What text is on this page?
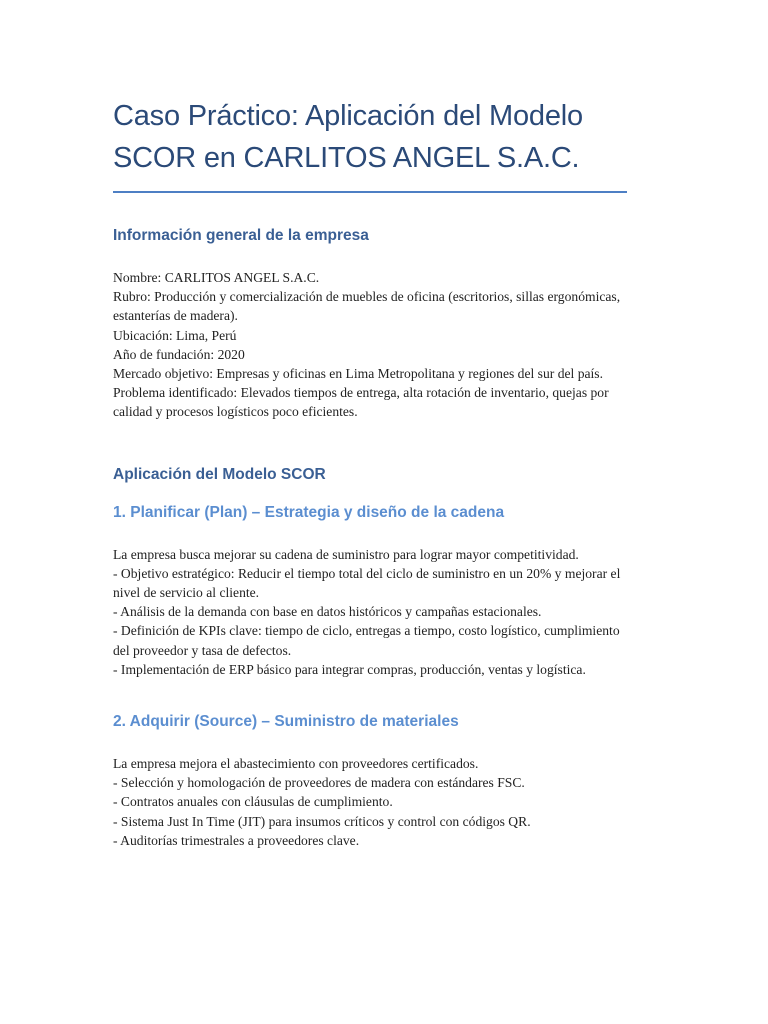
Caso Práctico: Aplicación del Modelo SCOR en CARLITOS ANGEL S.A.C.
Información general de la empresa

Nombre: CARLITOS ANGEL S.A.C.
Rubro: Producción y comercialización de muebles de oficina (escritorios, sillas ergonómicas, estanterías de madera).
Ubicación: Lima, Perú
Año de fundación: 2020
Mercado objetivo: Empresas y oficinas en Lima Metropolitana y regiones del sur del país.
Problema identificado: Elevados tiempos de entrega, alta rotación de inventario, quejas por calidad y procesos logísticos poco eficientes.

Aplicación del Modelo SCOR
1. Planificar (Plan) – Estrategia y diseño de la cadena

La empresa busca mejorar su cadena de suministro para lograr mayor competitividad.
- Objetivo estratégico: Reducir el tiempo total del ciclo de suministro en un 20% y mejorar el nivel de servicio al cliente.
- Análisis de la demanda con base en datos históricos y campañas estacionales.
- Definición de KPIs clave: tiempo de ciclo, entregas a tiempo, costo logístico, cumplimiento del proveedor y tasa de defectos.
- Implementación de ERP básico para integrar compras, producción, ventas y logística.

2. Adquirir (Source) – Suministro de materiales

La empresa mejora el abastecimiento con proveedores certificados.
- Selección y homologación de proveedores de madera con estándares FSC.
- Contratos anuales con cláusulas de cumplimiento.
- Sistema Just In Time (JIT) para insumos críticos y control con códigos QR.
- Auditorías trimestrales a proveedores clave.
